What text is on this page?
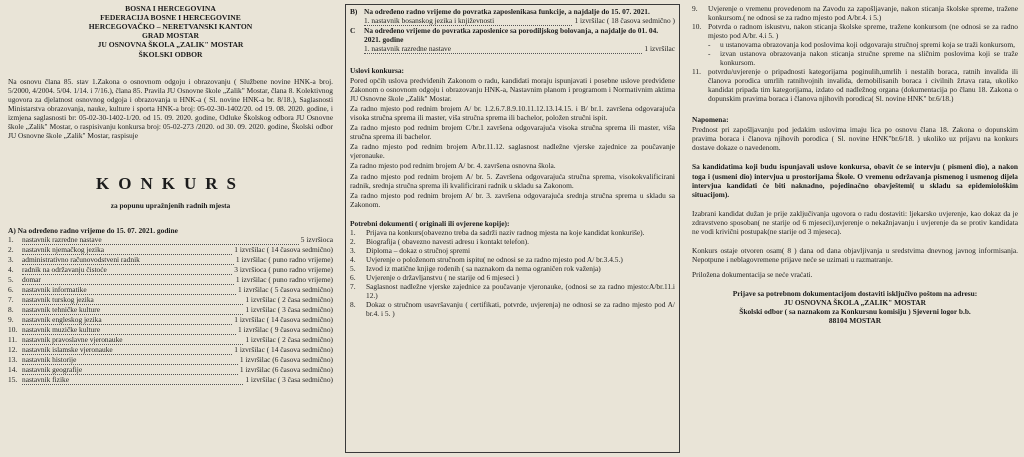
BOSNA I HERCEGOVINA
FEDERACIJA BOSNE I HERCEGOVINE
HERCEGOVAČKO – NERETVANSKI KANTON
GRAD MOSTAR
JU OSNOVNA ŠKOLA „ZALIK" MOSTAR
ŠKOLSKI ODBOR
Na osnovu člana 85. stav 1.Zakona o osnovnom odgoju i obrazovanju ( Službene novine HNK-a broj. 5/2000, 4/2004. 5/04. 1/14. i 7/16.), člana 85. Pravila JU Osnovne škole „Zalik" Mostar, člana 8. Kolektivnog ugovora za djelatnost osnovnog odgoja i obrazovanja u HNK-a ( Sl. novine HNK-a br. 8/18.), Saglasnosti Ministarstva obrazovanja, nauke, kulture i sporta HNK-a broj: 05-02-30-1402/20. od 19. 08. 2020. godine, i izmjena saglasnosti br: 05-02-30-1402-1/20. od 15. 09. 2020. godine, Odluke Školskog odbora JU Osnovne škole „Zalik" Mostar, o raspisivanju konkursa broj: 05-02-273 /2020. od 30. 09. 2020. godine, Školski odbor JU Osnovne škole „Zalik" Mostar, raspisuje
KONKURS
za popunu upražnjenih radnih mjesta
A) Na određeno radno vrijeme do 15. 07. 2021. godine
1.	nastavnik razredne nastave	5 izvršioca
2.	nastavnik njemačkog jezika	1 izvršilac ( 14 časova sedmično)
3.	administrativno računovodstveni radnik	1 izvršilac ( puno radno vrijeme)
4.	radnik na održavanju čistoće	3 izvršioca ( puno radno vrijeme)
5.	domar	1 izvršilac ( puno radno vrijeme)
6.	nastavnik informatike	1 izvršilac ( 5 časova sedmično)
7.	nastavnik turskog jezika	1 izvršilac ( 2 časa sedmično)
8.	nastavnik tehničke kulture	1 izvršilac ( 3 časa sedmično)
9.	nastavnik engleskog jezika	1 izvršilac ( 14 časova sedmično)
10. nastavnik muzičke kulture	1 izvršilac ( 9 časova sedmično)
11. nastavnik pravoslavne vjeronauke	1 izvršilac ( 2 časa sedmično)
12. nastavnik islamske vjeronauke	1 izvršilac ( 14 časova sedmično)
13. nastavnik historije	1 izvršilac (6 časova sedmično)
14. nastavnik geografije	1 izvršilac (6 časova sedmično)
15. nastavnik fizike	1 izvršilac ( 3 časa sedmično)
B) Na određeno radno vrijeme do povratka zaposlenikasa funkcije, a najdalje do 15. 07. 2021.
1. nastavnik bosanskog jezika i književnosti	1 izvršilac ( 18 časova sedmično )
C	Na određeno vrijeme do povratka zaposlenice sa porodiljskog bolovanja, a najdalje do 01. 04. 2021. godine
1. nastavnik razredne nastave	1 izvršilac
Uslovi konkursa:
Pored općih uslova predviđenih Zakonom o radu, kandidati moraju ispunjavati i posebne uslove predviđene Zakonom o osnovnom odgoju i obrazovanju HNK-a, Nastavnim planom i programom i Normativnim aktima JU Osnovne škole „Zalik" Mostar.
Za radno mjesto pod rednim brojem A/ br. 1.2.6.7.8.9.10.11.12.13.14.15. i B/ br.1. završena odgovarajuća visoka stručna sprema ili master, viša stručna sprema ili bachelor, položen stručni ispit.
Za radno mjesto pod rednim brojem C/br.1 završena odgovarajuća visoka stručna sprema ili master, viša stručna sprema ili bachelor.
Za radno mjesto pod rednim brojem A/br.11.12. saglasnost nadležne vjerske zajednice za poučavanje vjeronauke.
Za radno mjesto pod rednim brojem A/ br. 4. završena osnovna škola.
Za radno mjesto pod rednim brojem A/ br. 5. Završena odgovarajuća stručna sprema, visokokvalificirani radnik, srednja stručna sprema ili kvalificirani radnik u skladu sa Zakonom.
Za radno mjesto pod rednim brojem A/ br. 3. završena odgovarajuća srednja stručna sprema u skladu sa Zakonom.
Potrebni dokumenti ( originali ili ovjerene kopije):
1.	Prijava na konkurs(obavezno treba da sadrži naziv radnog mjesta na koje kandidat konkuriše).
2.	Biografija ( obavezno navesti adresu i kontakt telefon).
3.	Diploma – dokaz o stručnoj spremi
4.	Uvjerenje o položenom stručnom ispitu( ne odnosi se za radno mjesto pod A/ br.3.4.5.)
5.	Izvod iz matične knjige rođenih ( sa naznakom da nema ograničen rok važenja)
6.	Uvjerenje o državljanstvu ( ne starije od 6 mjeseci )
7.	Saglasnost nadležne vjerske zajednice za poučavanje vjeronauke, (odnosi se za radno mjesto:A/br.11.i 12.)
8.	Dokaz o stručnom usavršavanju ( certifikati, potvrde, uvjerenja) ne odnosi se za radno mjesto pod A/ br.4. i 5. )
9.	Uvjerenje o vremenu provedenom na Zavodu za zapošljavanje, nakon sticanja školske spreme, tražene konkursom.( ne odnosi se za radno mjesto pod A/br.4. i 5.)
10. Potvrda o radnom iskustvu, nakon sticanja školske spreme, tražene konkursom (ne odnosi se za radno mjesto pod A/br. 4.i 5. )
-	u ustanovama obrazovanja kod poslovima koji odgovaraju stručnoj spremi koja se traži konkursom,
-	izvan ustanova obrazovanja nakon sticanja stručne spreme na sličnim poslovima koji se traže konkursom.
11. potvrdu/uvjerenje o pripadnosti kategorijama poginulih,umrlih i nestalih boraca, ratnih invalida ili članova porodica umrlih ratnihvojnih invalida, demobilisanih boraca i civilnih žrtava rata, ukoliko kandidat pripada tim kategorijama, izdato od nadležnog organa (dokumentacija po članu 18. Zakona o dopunskim pravima boraca i članova njihovih porodica( Sl. novine HNK" br.6/18.)
Napomena:
Prednost pri zapošljavanju pod jedakim uslovima imaju lica po osnovu člana 18. Zakona o dopunskim pravima boraca i članova njihovih porodica ( Sl. novine HNK"br.6/18. ) ukoliko uz prijavu na konkurs dostave dokaze o navedenom.
Sa kandidatima koji budu ispunjavali uslove konkursa, obavit će se intervju ( pismeni dio), a nakon toga i (usmeni dio) intervjua u prostorijama Škole. O vremenu održavanja pismenog i usmenog dijela intervjua kandidati će biti naknadno, pojedinačno obavještemi( u skladu sa epidemiološkim situacijom).
Izabrani kandidat dužan je prije zaključivanja ugovora o radu dostaviti: ljekarsko uvjerenje, kao dokaz da je zdravstveno sposoban( ne starije od 6 mjeseci),uvjerenje o nekažnjavanju i uvjerenje da se protiv kandidata ne vodi krivični postupak(ne starije od 3 mjeseca).
Konkurs ostaje otvoren osam( 8 ) dana od dana objavljivanja u sredstvima dnevnog javnog informisanja. Nepotpune i neblagovremene prijave neće se uzimati u razmatranje.
Priložena dokumentacija se neće vraćati.
Prijave sa potrebnom dokumentacijom dostaviti isključivo poštom na adresu:
JU OSNOVNA ŠKOLA „ZALIK" MOSTAR
Školski odbor ( sa naznakom za Konkursnu komisiju ) Sjeverni logor b.b.
88104 MOSTAR
